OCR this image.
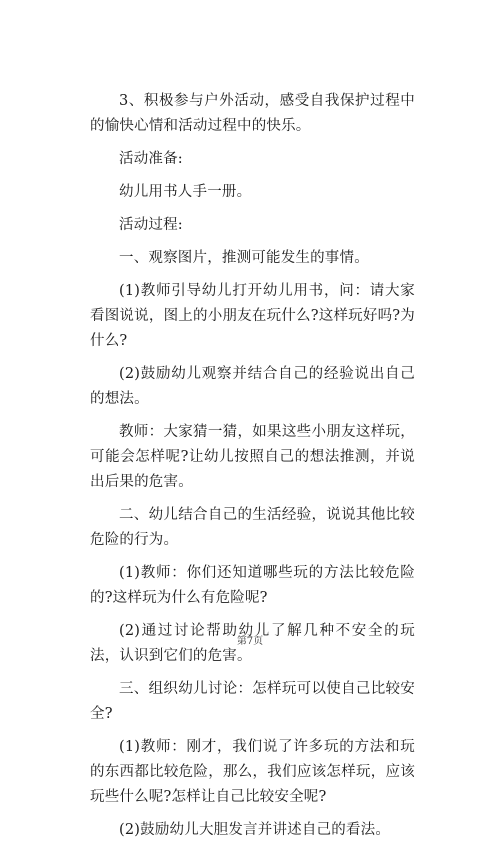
3、积极参与户外活动，感受自我保护过程中的愉快心情和活动过程中的快乐。

活动准备:

幼儿用书人手一册。

活动过程:

一、观察图片，推测可能发生的事情。

(1)教师引导幼儿打开幼儿用书，问：请大家看图说说，图上的小朋友在玩什么?这样玩好吗?为什么?

(2)鼓励幼儿观察并结合自己的经验说出自己的想法。

教师：大家猜一猜，如果这些小朋友这样玩，可能会怎样呢?让幼儿按照自己的想法推测，并说出后果的危害。

二、幼儿结合自己的生活经验，说说其他比较危险的行为。

(1)教师：你们还知道哪些玩的方法比较危险的?这样玩为什么有危险呢?

(2)通过讨论帮助幼儿了解几种不安全的玩法，认识到它们的危害。

三、组织幼儿讨论：怎样玩可以使自己比较安全?

(1)教师：刚才，我们说了许多玩的方法和玩的东西都比较危险，那么，我们应该怎样玩，应该玩些什么呢?怎样让自己比较安全呢?

(2)鼓励幼儿大胆发言并讲述自己的看法。

第7页
